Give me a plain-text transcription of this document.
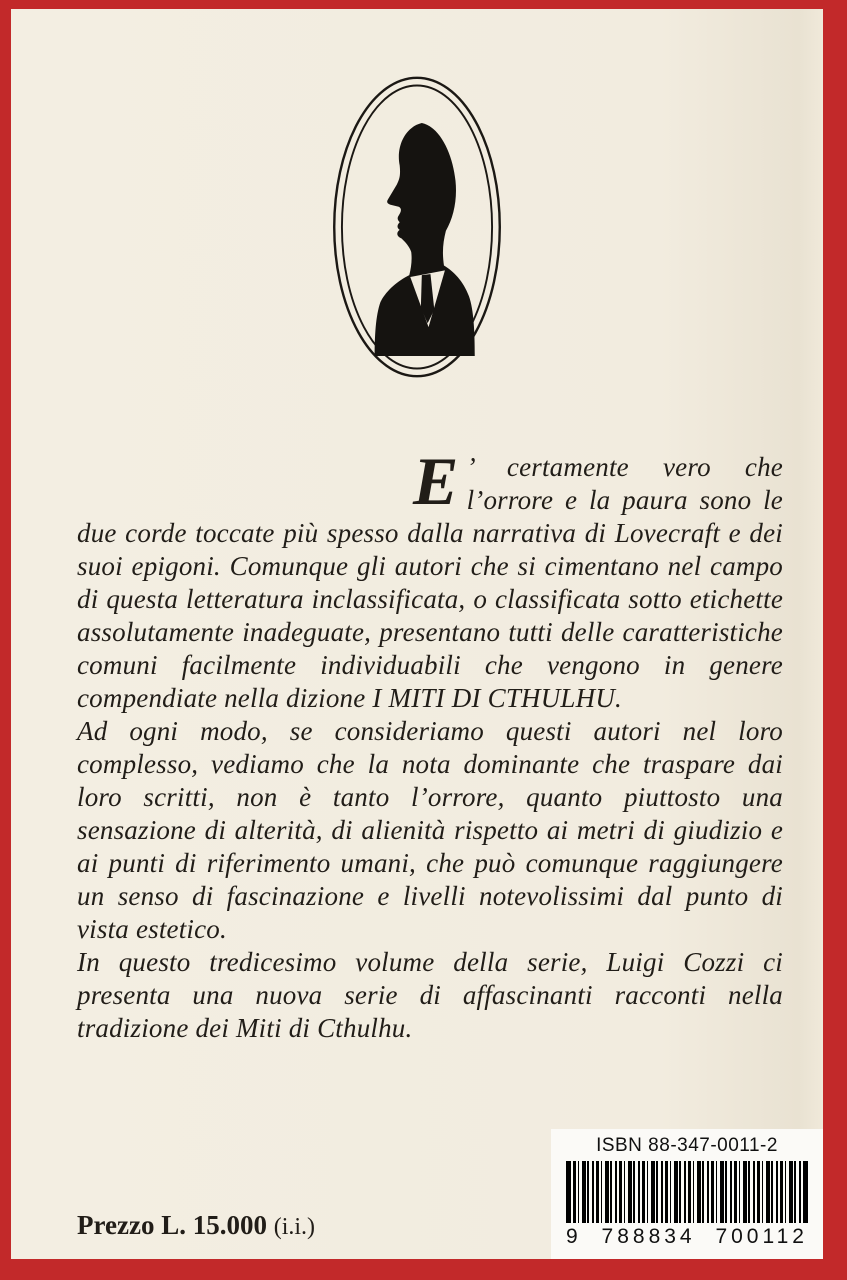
E ’ certamente vero che l’orrore e la paura sono le due corde toccate più spesso dalla narrativa di Lovecraft e dei suoi epigoni. Comunque gli autori che si cimentano nel campo di questa letteratura inclassificata, o classificata sotto etichette assolutamente inadeguate, presentano tutti delle caratteristiche comuni facilmente individuabili che vengono in genere compendiate nella dizione I MITI DI CTHULHU.

Ad ogni modo, se consideriamo questi autori nel loro complesso, vediamo che la nota dominante che traspare dai loro scritti, non è tanto l’orrore, quanto piuttosto una sensazione di alterità, di alienità rispetto ai metri di giudizio e ai punti di riferimento umani, che può comunque raggiungere un senso di fascinazione e livelli notevolissimi dal punto di vista estetico.

In questo tredicesimo volume della serie, Luigi Cozzi ci presenta una nuova serie di affascinanti racconti nella tradizione dei Miti di Cthulhu.

Prezzo L. 15.000 (i.i.)
ISBN 88-347-0011-2
9 788834 700112
